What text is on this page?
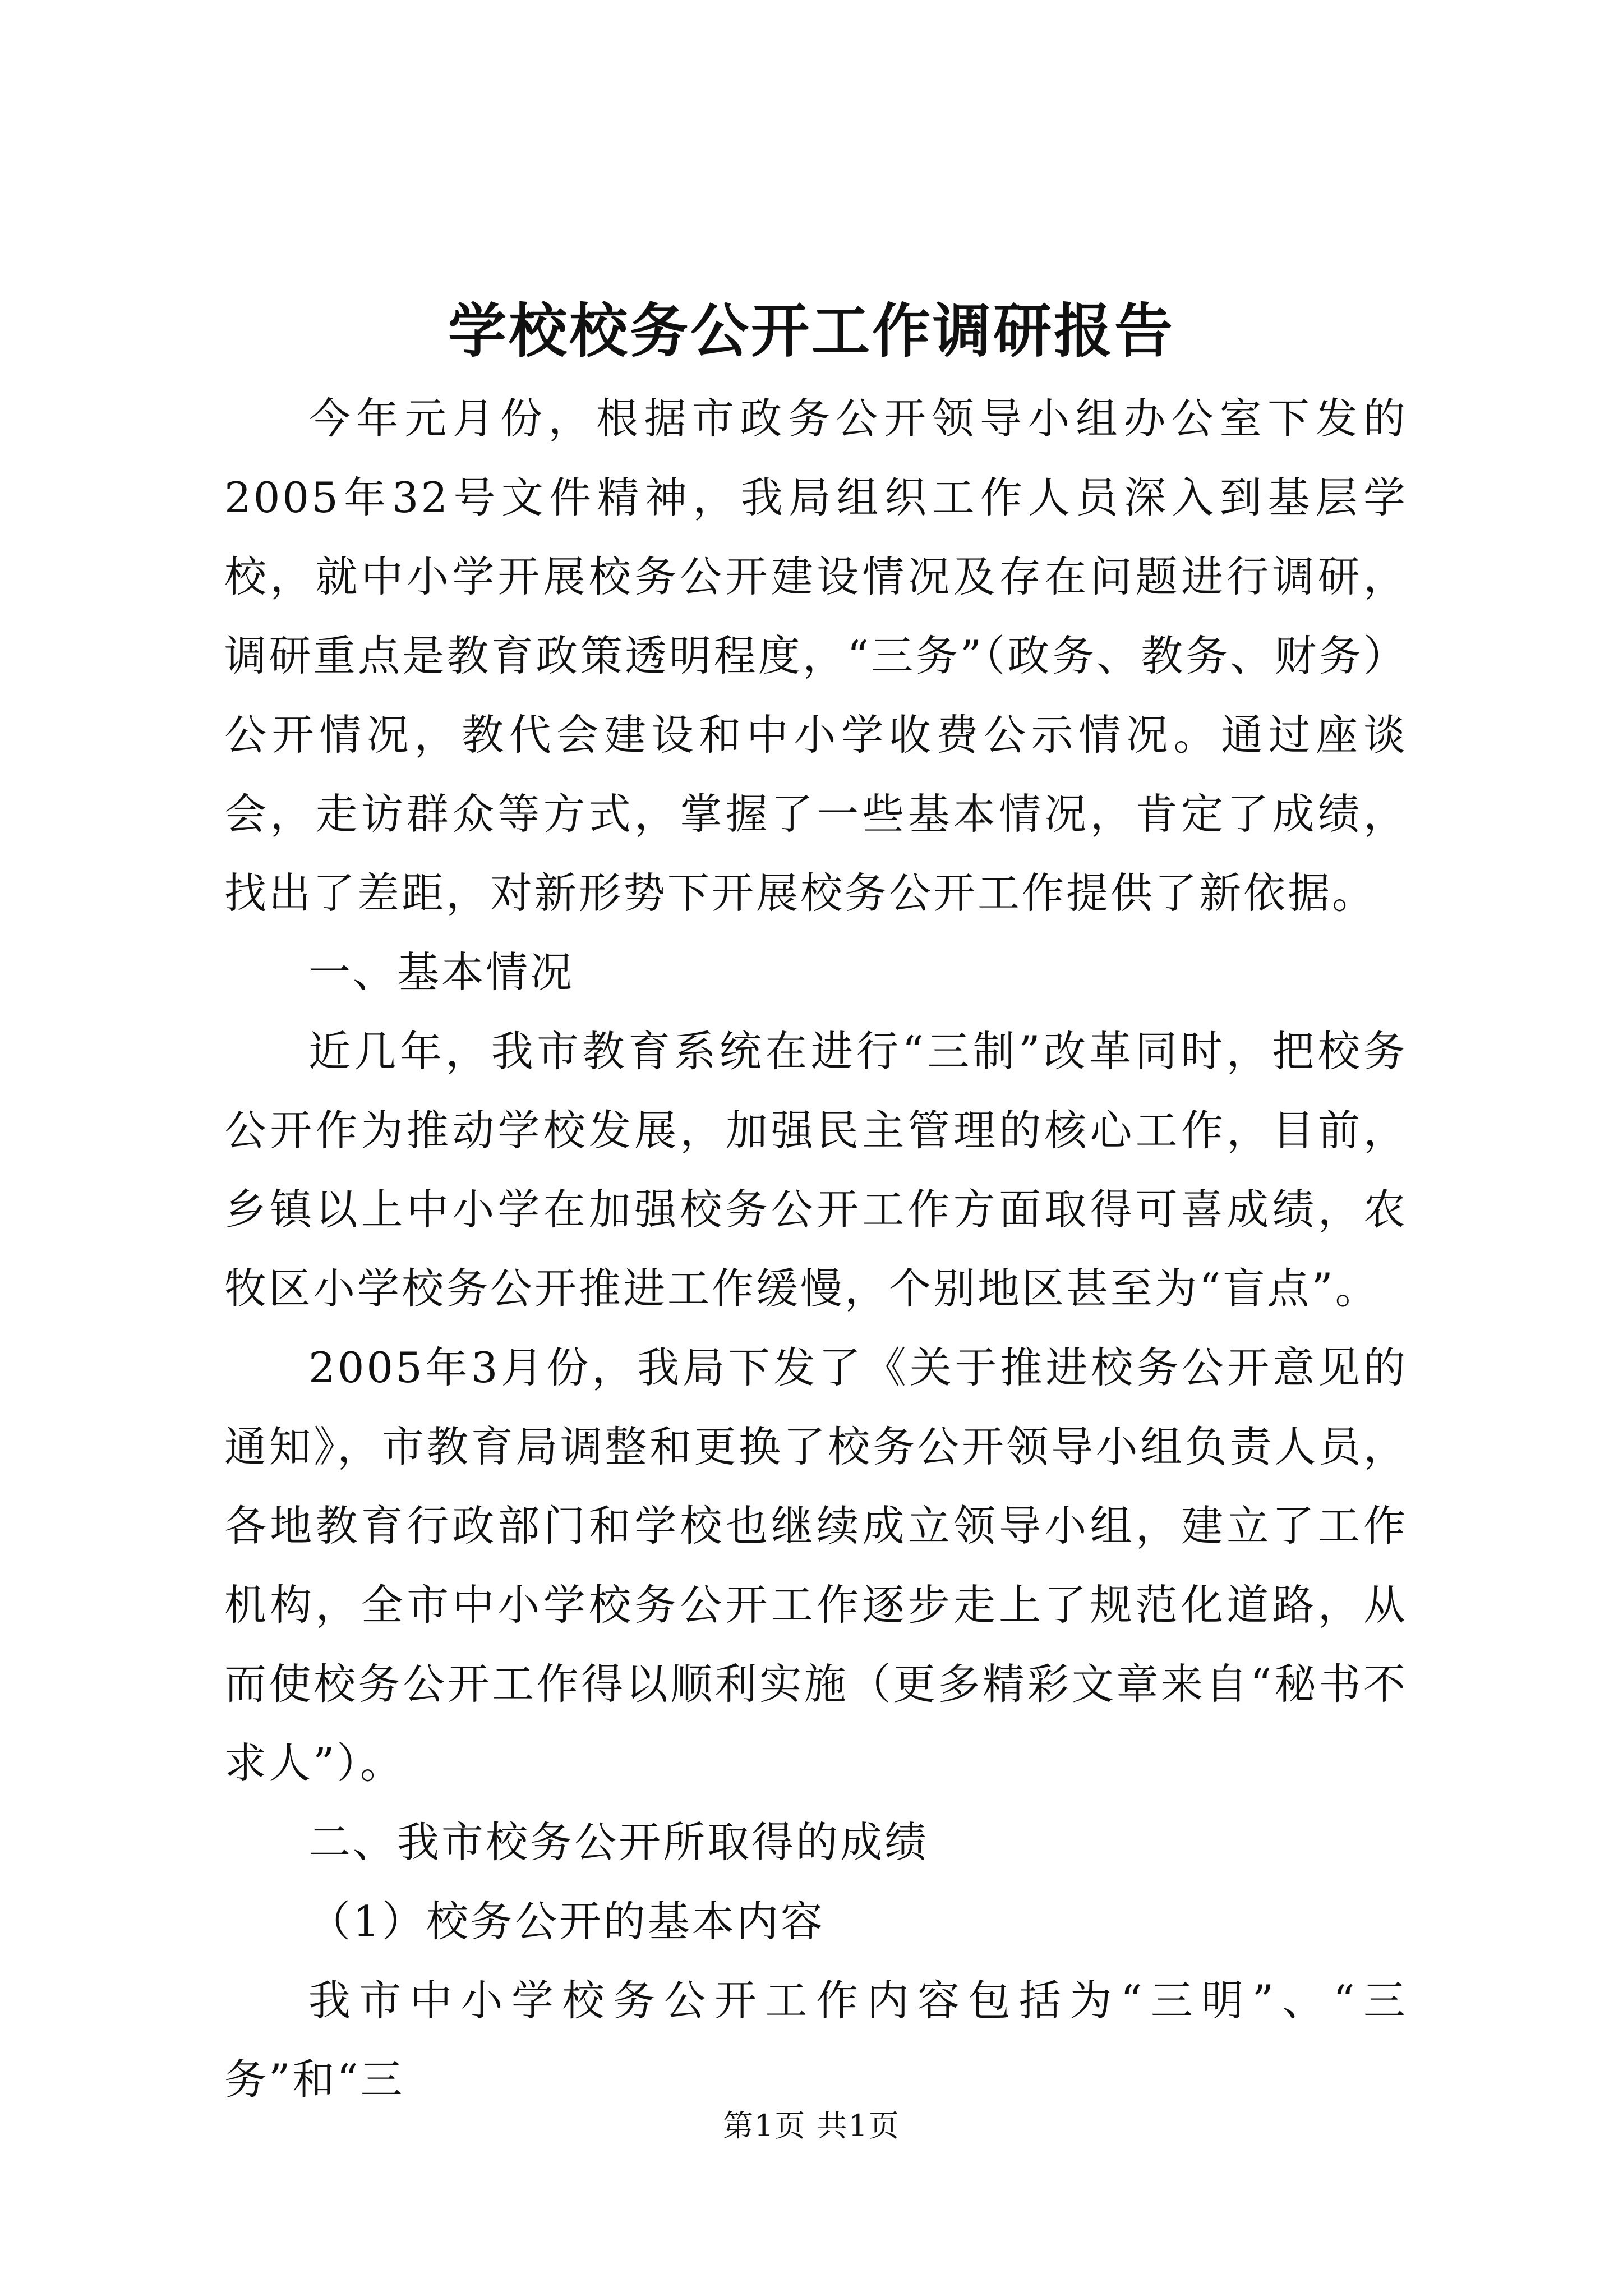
学校校务公开工作调研报告

今年元月份，根据市政务公开领导小组办公室下发的2005年32号文件精神，我局组织工作人员深入到基层学校，就中小学开展校务公开建设情况及存在问题进行调研，调研重点是教育政策透明程度，“三务”（政务、教务、财务）公开情况，教代会建设和中小学收费公示情况。通过座谈会，走访群众等方式，掌握了一些基本情况，肯定了成绩，找出了差距，对新形势下开展校务公开工作提供了新依据。

一、基本情况

近几年，我市教育系统在进行“三制”改革同时，把校务公开作为推动学校发展，加强民主管理的核心工作，目前，乡镇以上中小学在加强校务公开工作方面取得可喜成绩，农牧区小学校务公开推进工作缓慢，个别地区甚至为“盲点”。

2005年3月份，我局下发了《关于推进校务公开意见的通知》，市教育局调整和更换了校务公开领导小组负责人员，各地教育行政部门和学校也继续成立领导小组，建立了工作机构，全市中小学校务公开工作逐步走上了规范化道路，从而使校务公开工作得以顺利实施（更多精彩文章来自“秘书不求人”）。

二、我市校务公开所取得的成绩

（1）校务公开的基本内容

我市中小学校务公开工作内容包括为“三明”、“三务”和“三

第1页 共1页
